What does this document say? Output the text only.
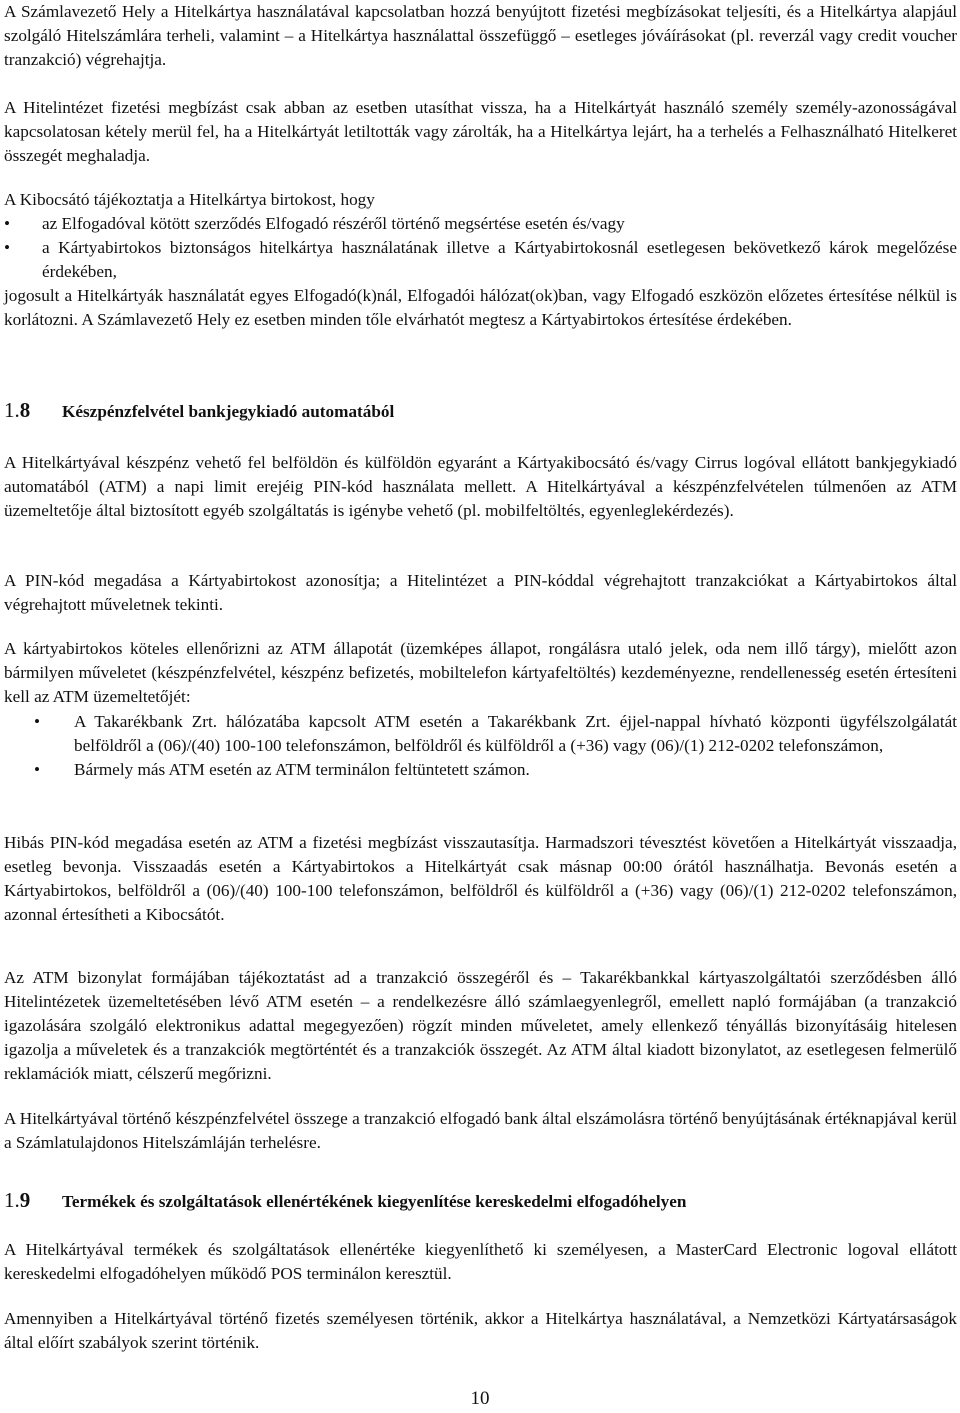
A Számlavezető Hely a Hitelkártya használatával kapcsolatban hozzá benyújtott fizetési megbízásokat teljesíti, és a Hitelkártya alapjául szolgáló Hitelszámlára terheli, valamint – a Hitelkártya használattal összefüggő – esetleges jóváírásokat (pl. reverzál vagy credit voucher tranzakció) végrehajtja.

A Hitelintézet fizetési megbízást csak abban az esetben utasíthat vissza, ha a Hitelkártyát használó személy személy-azonosságával kapcsolatosan kétely merül fel, ha a Hitelkártyát letiltották vagy zárolták, ha a Hitelkártya lejárt, ha a terhelés a Felhasználható Hitelkeret összegét meghaladja.

A Kibocsátó tájékoztatja a Hitelkártya birtokost, hogy

• az Elfogadóval kötött szerződés Elfogadó részéről történő megsértése esetén és/vagy
• a Kártyabirtokos biztonságos hitelkártya használatának illetve a Kártyabirtokosnál esetlegesen bekövetkező károk megelőzése érdekében,

jogosult a Hitelkártyák használatát egyes Elfogadó(k)nál, Elfogadói hálózat(ok)ban, vagy Elfogadó eszközön előzetes értesítése nélkül is korlátozni. A Számlavezető Hely ez esetben minden tőle elvárhatót megtesz a Kártyabirtokos értesítése érdekében.

1.8 Készpénzfelvétel bankjegykiadó automatából

A Hitelkártyával készpénz vehető fel belföldön és külföldön egyaránt a Kártyakibocsátó és/vagy Cirrus logóval ellátott bankjegykiadó automatából (ATM) a napi limit erejéig PIN-kód használata mellett. A Hitelkártyával a készpénzfelvételen túlmenően az ATM üzemeltetője által biztosított egyéb szolgáltatás is igénybe vehető (pl. mobilfeltöltés, egyenleglekérdezés).

A PIN-kód megadása a Kártyabirtokost azonosítja; a Hitelintézet a PIN-kóddal végrehajtott tranzakciókat a Kártyabirtokos által végrehajtott műveletnek tekinti.

A kártyabirtokos köteles ellenőrizni az ATM állapotát (üzemképes állapot, rongálásra utaló jelek, oda nem illő tárgy), mielőtt azon bármilyen műveletet (készpénzfelvétel, készpénz befizetés, mobiltelefon kártyafeltöltés) kezdeményezne, rendellenesség esetén értesíteni kell az ATM üzemeltetőjét:

• A Takarékbank Zrt. hálózatába kapcsolt ATM esetén a Takarékbank Zrt. éjjel-nappal hívható központi ügyfélszolgálatát belföldről a (06)/(40) 100-100 telefonszámon, belföldről és külföldről a (+36) vagy (06)/(1) 212-0202 telefonszámon,
• Bármely más ATM esetén az ATM terminálon feltüntetett számon.

Hibás PIN-kód megadása esetén az ATM a fizetési megbízást visszautasítja. Harmadszori tévesztést követően a Hitelkártyát visszaadja, esetleg bevonja. Visszaadás esetén a Kártyabirtokos a Hitelkártyát csak másnap 00:00 órától használhatja. Bevonás esetén a Kártyabirtokos, belföldről a (06)/(40) 100-100 telefonszámon, belföldről és külföldről a (+36) vagy (06)/(1) 212-0202 telefonszámon, azonnal értesítheti a Kibocsátót.

Az ATM bizonylat formájában tájékoztatást ad a tranzakció összegéről és – Takarékbankkal kártyaszolgáltatói szerződésben álló Hitelintézetek üzemeltetésében lévő ATM esetén – a rendelkezésre álló számlaegyenlegről, emellett napló formájában (a tranzakció igazolására szolgáló elektronikus adattal megegyezően) rögzít minden műveletet, amely ellenkező tényállás bizonyításáig hitelesen igazolja a műveletek és a tranzakciók megtörténtét és a tranzakciók összegét. Az ATM által kiadott bizonylatot, az esetlegesen felmerülő reklamációk miatt, célszerű megőrizni.

A Hitelkártyával történő készpénzfelvétel összege a tranzakció elfogadó bank által elszámolásra történő benyújtásának értéknapjával kerül a Számlatulajdonos Hitelszámláján terhelésre.

1.9 Termékek és szolgáltatások ellenértékének kiegyenlítése kereskedelmi elfogadóhelyen

A Hitelkártyával termékek és szolgáltatások ellenértéke kiegyenlíthető ki személyesen, a MasterCard Electronic logoval ellátott kereskedelmi elfogadóhelyen működő POS terminálon keresztül.

Amennyiben a Hitelkártyával történő fizetés személyesen történik, akkor a Hitelkártya használatával, a Nemzetközi Kártyatársaságok által előírt szabályok szerint történik.

10
